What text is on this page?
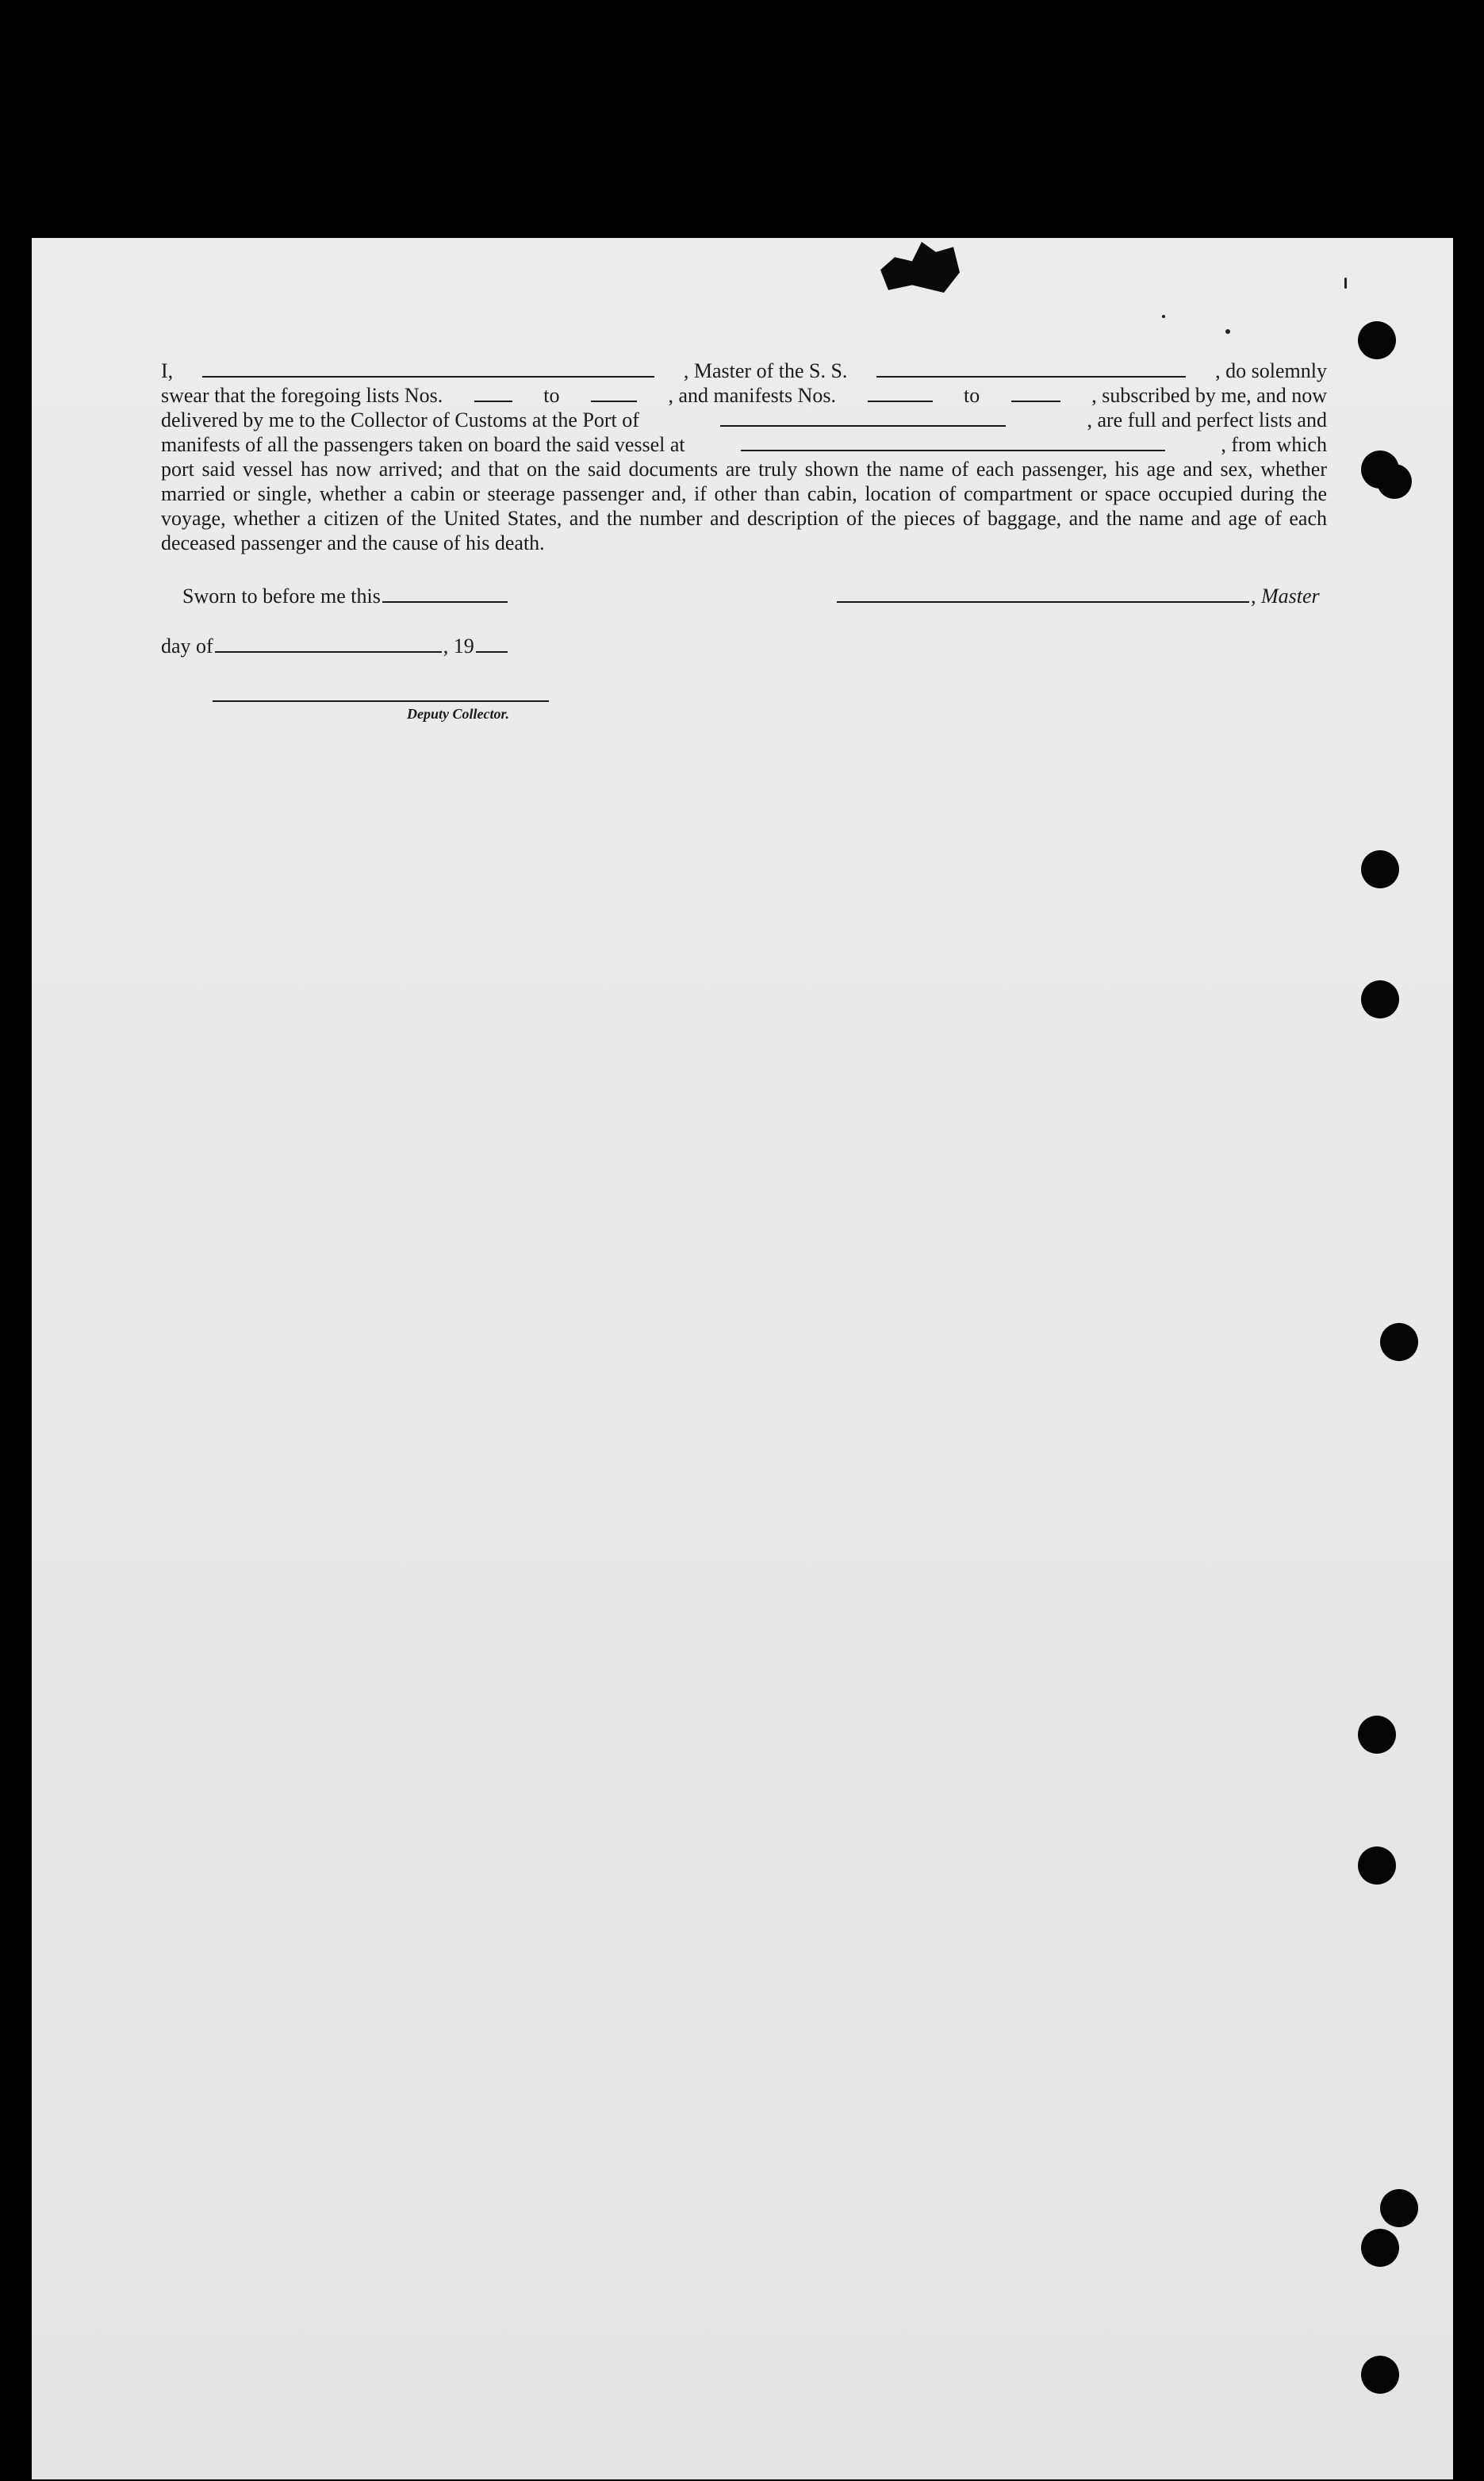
I,	, Master of the S. S.	, do solemnly
swear that the foregoing lists Nos.	to	, and manifests Nos.	to	, subscribed by me, and now
delivered by me to the Collector of Customs at the Port of	, are full and perfect lists and
manifests of all the passengers taken on board the said vessel at	, from which
port said vessel has now arrived; and that on the said documents are truly shown the name of each passenger, his age and sex, whether married or single, whether a cabin or steerage passenger and, if other than cabin, location of compartment or space occupied during the voyage, whether a citizen of the United States, and the number and description of the pieces of baggage, and the name and age of each deceased passenger and the cause of his death.
Sworn to before me this	, Master
day of	, 19
Deputy Collector.
